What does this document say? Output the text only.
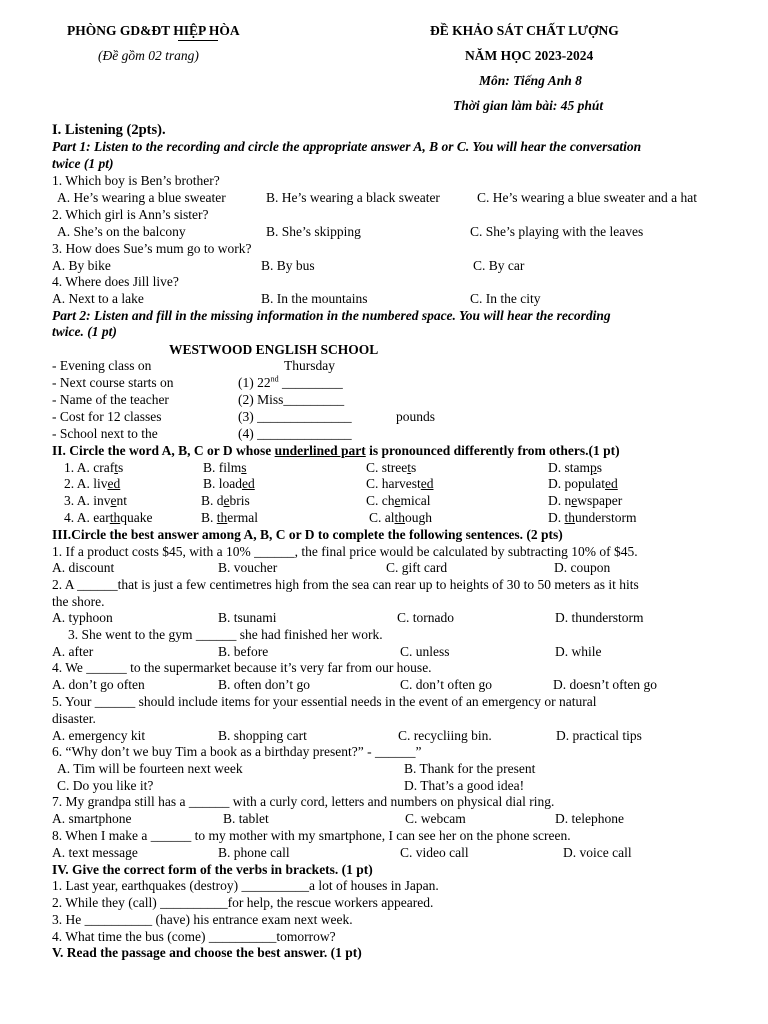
PHÒNG GD&ĐT HIỆP HÒA
(Đề gồm 02 trang)
ĐỀ KHẢO SÁT CHẤT LƯỢNG
NĂM HỌC 2023-2024
Môn: Tiếng Anh 8
Thời gian làm bài: 45 phút
I. Listening (2pts).
Part 1: Listen to the recording and circle the appropriate answer A, B or C. You will hear the conversation
twice (1 pt)
1. Which boy is Ben’s brother?
A. He’s wearing a blue sweater	B. He’s wearing a black sweater	C. He’s wearing a blue sweater and a hat
2. Which girl is Ann’s sister?
A. She’s on the balcony	B. She’s skipping	C. She’s playing with the leaves
3. How does Sue’s mum go to work?
A. By bike	B. By bus	C. By car
4. Where does Jill live?
A. Next to a lake	B. In the mountains	C. In the city
Part 2: Listen and fill in the missing information in the numbered space. You will hear the recording
twice. (1 pt)
WESTWOOD ENGLISH SCHOOL
- Evening class on	Thursday
- Next course starts on	(1) 22nd _________
- Name of the teacher	(2) Miss_________
- Cost for 12 classes	(3) ______________	pounds
- School next to the	(4) ______________
II. Circle the word A, B, C or D whose underlined part is pronounced differently from others.(1 pt)
1. A. crafts	B. films	C. streets	D. stamps
2. A. lived	B. loaded	C. harvested	D. populated
3. A. invent	B. debris	C. chemical	D. newspaper
4. A. earthquake	B. thermal	C. although	D. thunderstorm
III.Circle the best answer among A, B, C or D to complete the following sentences. (2 pts)
1. If a product costs $45, with a 10% ______, the final price would be calculated by subtracting 10% of $45.
A. discount	B. voucher	C. gift card	D. coupon
2. A ______that is just a few centimetres high from the sea can rear up to heights of 30 to 50 meters as it hits
the shore.
A. typhoon	B. tsunami	C. tornado	D. thunderstorm
3. She went to the gym ______ she had finished her work.
A. after	B. before	C. unless	D. while
4. We ______ to the supermarket because it’s very far from our house.
A. don’t go often	B. often don’t go	C. don’t often go	D. doesn’t often go
5. Your ______ should include items for your essential needs in the event of an emergency or natural
disaster.
A. emergency kit	B. shopping cart	C. recycliing bin.	D. practical tips
6. “Why don’t we buy Tim a book as a birthday present?” - ______”
A. Tim will be fourteen next week	B. Thank for the present
C. Do you like it?	D. That’s a good idea!
7. My grandpa still has a ______ with a curly cord, letters and numbers on physical dial ring.
A. smartphone	B. tablet	C. webcam	D. telephone
8. When I make a ______ to my mother with my smartphone, I can see her on the phone screen.
A. text message	B. phone call	C. video call	D. voice call
IV. Give the correct form of the verbs in brackets. (1 pt)
1. Last year, earthquakes (destroy) __________a lot of houses in Japan.
2. While they (call) __________for help, the rescue workers appeared.
3. He __________ (have) his entrance exam next week.
4. What time the bus (come) __________tomorrow?
V. Read the passage and choose the best answer. (1 pt)
